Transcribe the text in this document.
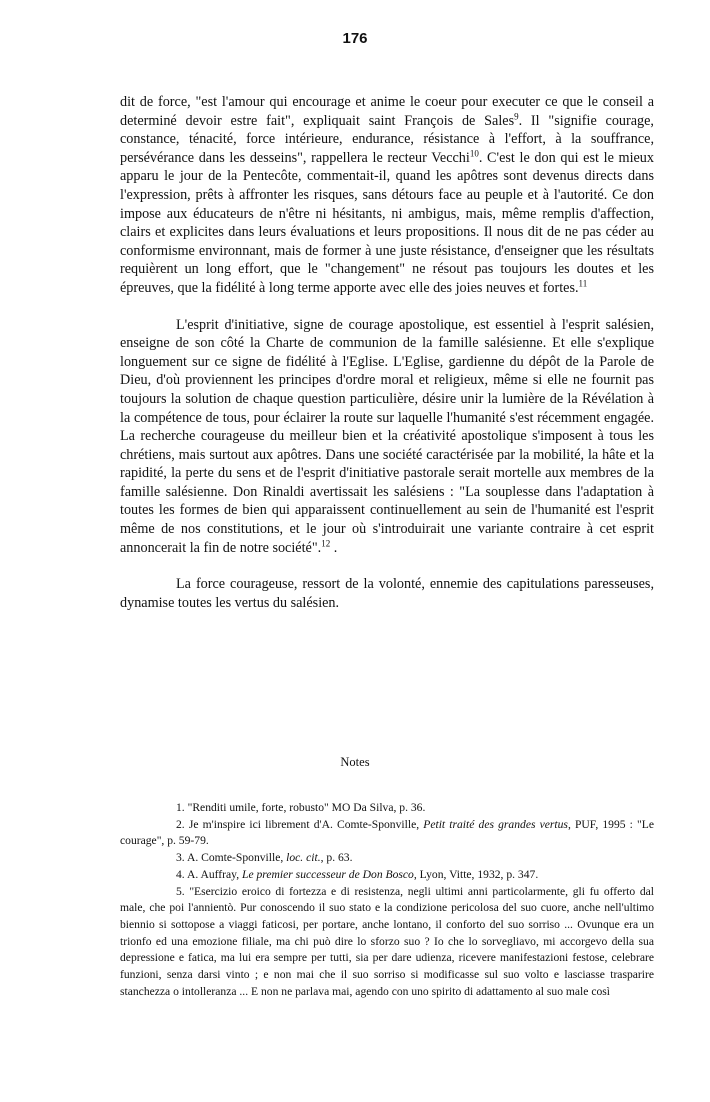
176

dit de force, "est l'amour qui encourage et anime le coeur pour executer ce que le conseil a determiné devoir estre fait", expliquait saint François de Sales$^9$. Il "signifie courage, constance, ténacité, force intérieure, endurance, résistance à l'effort, à la souffrance, persévérance dans les desseins", rappellera le recteur Vecchi$^{10}$. C'est le don qui est le mieux apparu le jour de la Pentecôte, commentait-il, quand les apôtres sont devenus directs dans l'expression, prêts à affronter les risques, sans détours face au peuple et à l'autorité. Ce don impose aux éducateurs de n'être ni hésitants, ni ambigus, mais, même remplis d'affection, clairs et explicites dans leurs évaluations et leurs propositions. Il nous dit de ne pas céder au conformisme environnant, mais de former à une juste résistance, d'enseigner que les résultats requièrent un long effort, que le "changement" ne résout pas toujours les doutes et les épreuves, que la fidélité à long terme apporte avec elle des joies neuves et fortes.$^{11}$

L'esprit d'initiative, signe de courage apostolique, est essentiel à l'esprit salésien, enseigne de son côté la Charte de communion de la famille salésienne. Et elle s'explique longuement sur ce signe de fidélité à l'Eglise. L'Eglise, gardienne du dépôt de la Parole de Dieu, d'où proviennent les principes d'ordre moral et religieux, même si elle ne fournit pas toujours la solution de chaque question particulière, désire unir la lumière de la Révélation à la compétence de tous, pour éclairer la route sur laquelle l'humanité s'est récemment engagée. La recherche courageuse du meilleur bien et la créativité apostolique s'imposent à tous les chrétiens, mais surtout aux apôtres. Dans une société caractérisée par la mobilité, la hâte et la rapidité, la perte du sens et de l'esprit d'initiative pastorale serait mortelle aux membres de la famille salésienne. Don Rinaldi avertissait les salésiens : "La souplesse dans l'adaptation à toutes les formes de bien qui apparaissent continuellement au sein de l'humanité est l'esprit même de nos constitutions, et le jour où s'introduirait une variante contraire à cet esprit annoncerait la fin de notre société".$^{12}$ .

La force courageuse, ressort de la volonté, ennemie des capitulations paresseuses, dynamise toutes les vertus du salésien.

Notes

1. "Renditi umile, forte, robusto" MO Da Silva, p. 36.

2. Je m'inspire ici librement d'A. Comte-Sponville, Petit traité des grandes vertus, PUF, 1995 : "Le courage", p. 59-79.

3. A. Comte-Sponville, loc. cit., p. 63.

4. A. Auffray, Le premier successeur de Don Bosco, Lyon, Vitte, 1932, p. 347.

5. "Esercizio eroico di fortezza e di resistenza, negli ultimi anni particolarmente, gli fu offerto dal male, che poi l'annientò. Pur conoscendo il suo stato e la condizione pericolosa del suo cuore, anche nell'ultimo biennio si sottopose a viaggi faticosi, per portare, anche lontano, il conforto del suo sorriso ... Ovunque era un trionfo ed una emozione filiale, ma chi può dire lo sforzo suo ? Io che lo sorvegliavo, mi accorgevo della sua depressione e fatica, ma lui era sempre per tutti, sia per dare udienza, ricevere manifestazioni festose, celebrare funzioni, senza darsi vinto ; e non mai che il suo sorriso si modificasse sul suo volto e lasciasse trasparire stanchezza o intolleranza ... E non ne parlava mai, agendo con uno spirito di adattamento al suo male così
